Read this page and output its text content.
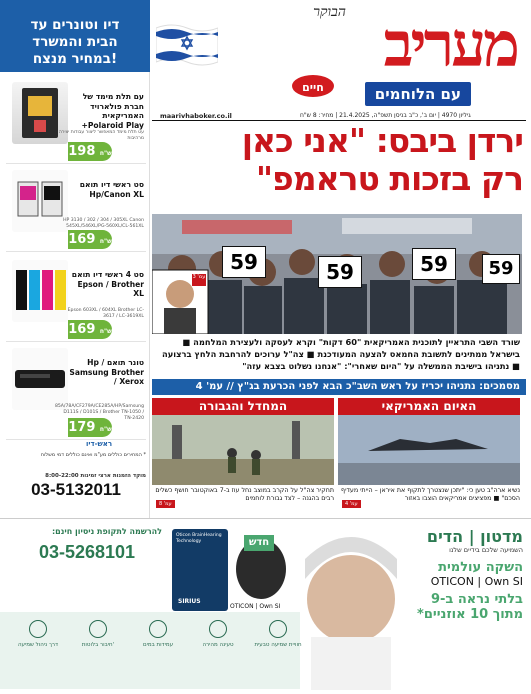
דיו וטונרים עד
הבית והמשרד
במחיר מנצח!
עם תלת מימד של חברת פולארויד האמריקאית Polaroid Play+
עט תלת מימד המאפשר ליצור עבודות יצירה מרהיבות
198 ש"ח
סט ראשי דיו תואם Hp/Canon XL
HP 3130 / 302 / 304 / 305XL Canon 545XL/546XL/PG-560XL/CL-561XL
169 ש"ח
סט 4 ראשי דיו תואם Epson / Brother XL
Epson 603XL / 604XL Brother LC-3617 / LC-3619XL
169 ש"ח
טונר תואם Hp / Samsung Brother / Xerox
85A/78A/CF279A/CE285A/HP/Samsung D111S / D101S / Brother TN-1050 / TN-2420
179 ש"ח
ראש-דיו
* המחירים כוללים מע"מ ואינם כוללים דמי משלוח
מוקד הזמנות ארצי זמינות 8:00-22:00
03-5132011
הבוקר מעריב
חיים	עם הלוחמים
maarivhaboker.co.il	גיליון 4970 | יום ב', כ"ב בניסן תשפ"ה, 21.4.2025 | מחיר: 8 ש"ח
ירדן ביבס: "אני כאן
רק בזכות טראמפ"
עמ' 3
59	59	59	59
שורד השבי התראיין לתוכנית האמריקאית "60 דקות" וקרא לעסקה ולעצירת המלחמה ■ בישראל ממתינים לתשובת החמאס להצעה המעודכנת ■ צה"ל ערוכים להרחבת הלחץ ברצועה ■ נתניהו בישיבת הממשלה על "היום שאחרי": "אנחנו נשלוט בצבא עזה"
מסמכים: נתניהו יכריז על ראש השב"כ הבא לפני הכרעת בג"ץ // עמ' 4
האיום האמריקאי
נשיא ארה"ב טען כי: "יתכן שנצטרך לתקוף את איראן – הייתי מעדיף הסכם" ■ מפציצים אמריקאים הוצבו באזור
עמ' 4
המחדל והגבורה
תחקיר צה"ל על הקרב במוצב נחל עוז ב-7 באוקטובר חושף כשלים רבים בהגנה – לצד גבורת לוחמים
עמ' 8
מדטון | הדים
השמיעה שלכם בידיים שלנו
השקה עולמית
OTICON | Own SI
בלתי נראה ב-9 מתוך 10 אוזניים*
Oticon BrainHearing Technology
SIRIUS
חדש
OTICON | Own SI
להרשמה לתקופת ניסיון חינם:
03-5268101
חוויית שמיעה טבעית
טעינה מהירה
עמידות במים
חיבור בלוטות'
דרך ניהול שמיעה
